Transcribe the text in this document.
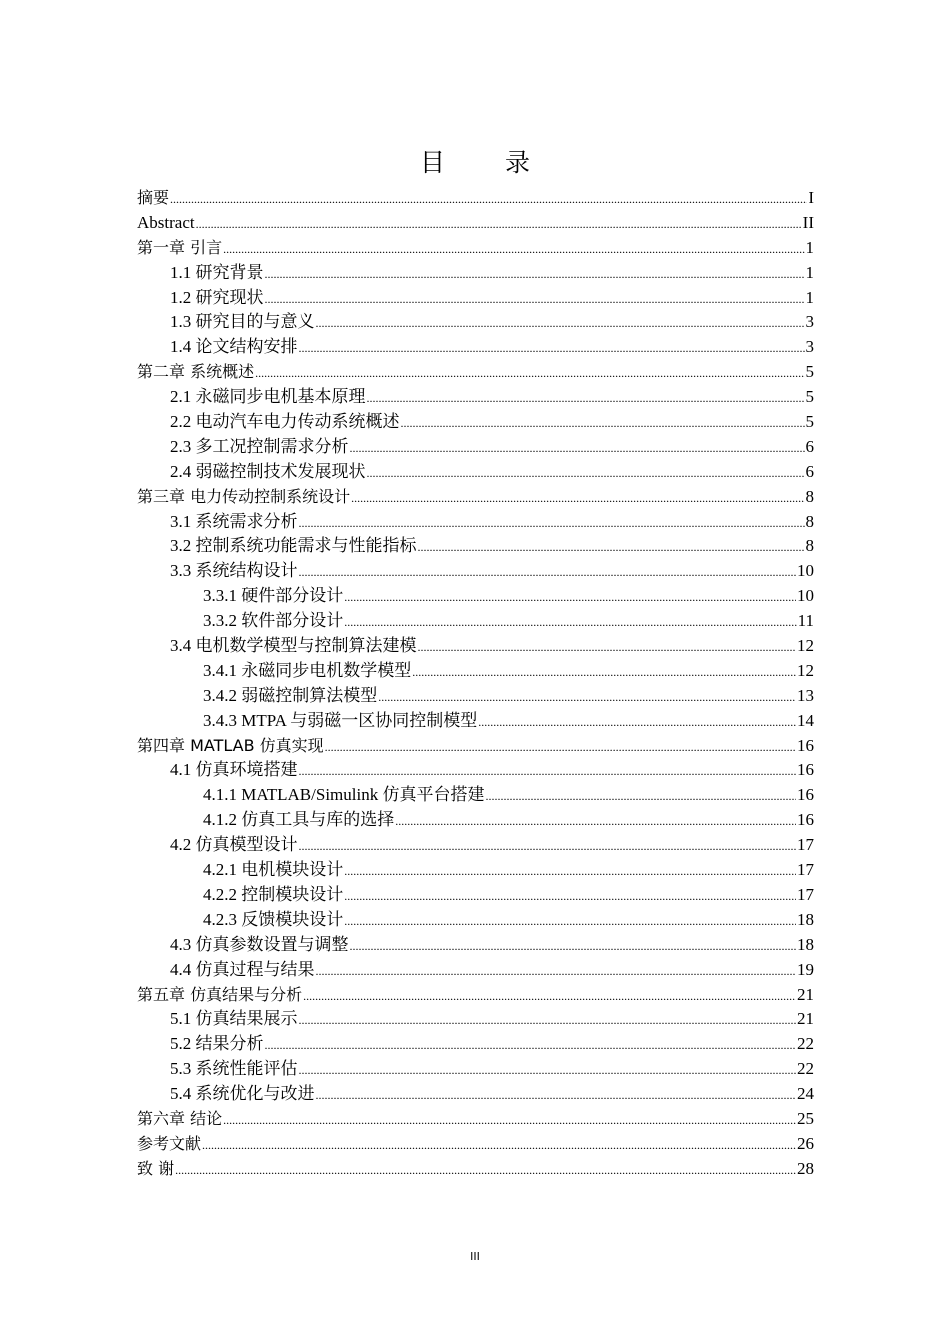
目 录
摘要 .....	I
Abstract .....	II
第一章 引言 .....	1
1.1 研究背景 .....	1
1.2 研究现状 .....	1
1.3 研究目的与意义 .....	3
1.4 论文结构安排 .....	3
第二章 系统概述 .....	5
2.1 永磁同步电机基本原理 .....	5
2.2 电动汽车电力传动系统概述 .....	5
2.3 多工况控制需求分析 .....	6
2.4 弱磁控制技术发展现状 .....	6
第三章 电力传动控制系统设计 .....	8
3.1 系统需求分析 .....	8
3.2 控制系统功能需求与性能指标 .....	8
3.3 系统结构设计 .....	10
3.3.1 硬件部分设计 .....	10
3.3.2 软件部分设计 .....	11
3.4 电机数学模型与控制算法建模 .....	12
3.4.1 永磁同步电机数学模型 .....	12
3.4.2 弱磁控制算法模型 .....	13
3.4.3 MTPA 与弱磁一区协同控制模型 .....	14
第四章 MATLAB 仿真实现 .....	16
4.1 仿真环境搭建 .....	16
4.1.1 MATLAB/Simulink 仿真平台搭建 .....	16
4.1.2 仿真工具与库的选择 .....	16
4.2 仿真模型设计 .....	17
4.2.1 电机模块设计 .....	17
4.2.2 控制模块设计 .....	17
4.2.3 反馈模块设计 .....	18
4.3 仿真参数设置与调整 .....	18
4.4 仿真过程与结果 .....	19
第五章 仿真结果与分析 .....	21
5.1 仿真结果展示 .....	21
5.2 结果分析 .....	22
5.3 系统性能评估 .....	22
5.4 系统优化与改进 .....	24
第六章 结论 .....	25
参考文献 .....	26
致 谢 .....	28
III
